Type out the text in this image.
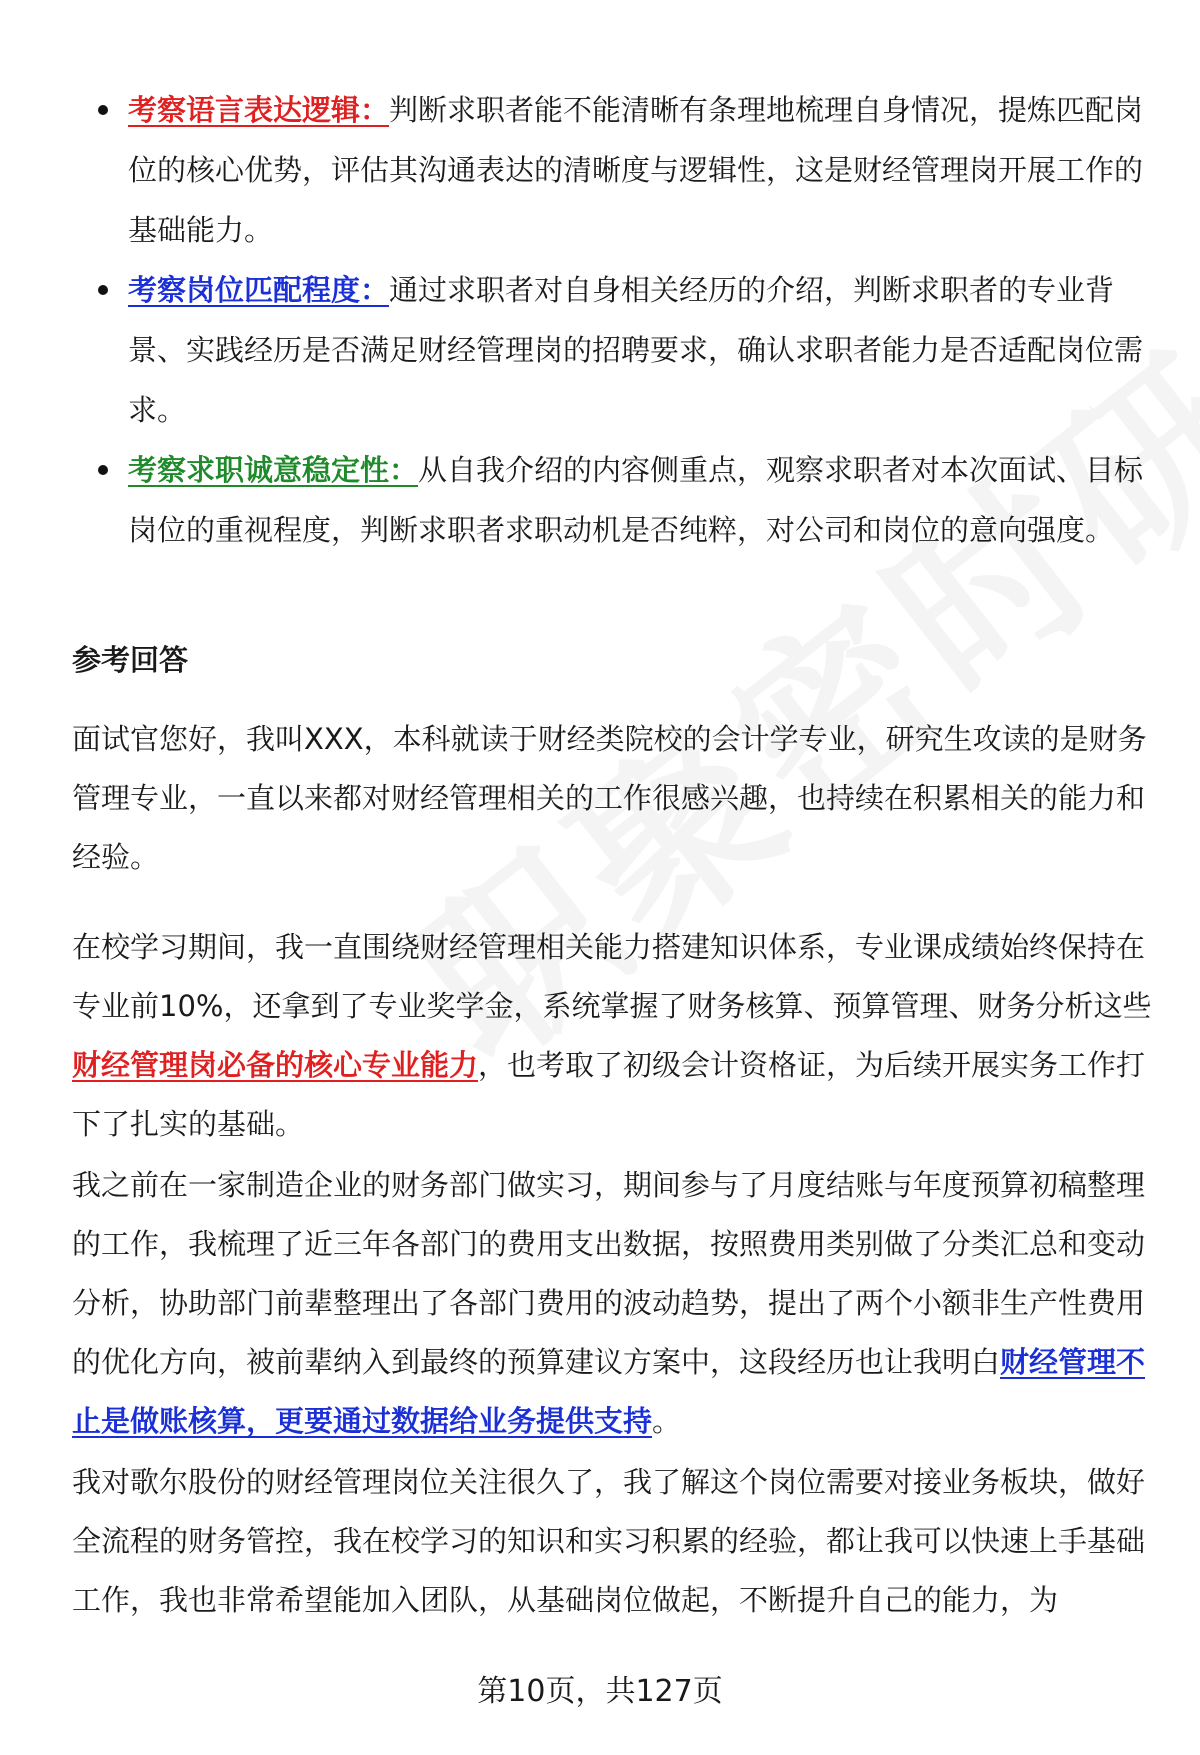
考察语言表达逻辑：判断求职者能不能清晰有条理地梳理自身情况，提炼匹配岗位的核心优势，评估其沟通表达的清晰度与逻辑性，这是财经管理岗开展工作的基础能力。
考察岗位匹配程度：通过求职者对自身相关经历的介绍，判断求职者的专业背景、实践经历是否满足财经管理岗的招聘要求，确认求职者能力是否适配岗位需求。
考察求职诚意稳定性：从自我介绍的内容侧重点，观察求职者对本次面试、目标岗位的重视程度，判断求职者求职动机是否纯粹，对公司和岗位的意向强度。
参考回答

面试官您好，我叫XXX，本科就读于财经类院校的会计学专业，研究生攻读的是财务管理专业，一直以来都对财经管理相关的工作很感兴趣，也持续在积累相关的能力和经验。

在校学习期间，我一直围绕财经管理相关能力搭建知识体系，专业课成绩始终保持在专业前10%，还拿到了专业奖学金，系统掌握了财务核算、预算管理、财务分析这些财经管理岗必备的核心专业能力，也考取了初级会计资格证，为后续开展实务工作打下了扎实的基础。

我之前在一家制造企业的财务部门做实习，期间参与了月度结账与年度预算初稿整理的工作，我梳理了近三年各部门的费用支出数据，按照费用类别做了分类汇总和变动分析，协助部门前辈整理出了各部门费用的波动趋势，提出了两个小额非生产性费用的优化方向，被前辈纳入到最终的预算建议方案中，这段经历也让我明白财经管理不止是做账核算，更要通过数据给业务提供支持。

我对歌尔股份的财经管理岗位关注很久了，我了解这个岗位需要对接业务板块，做好全流程的财务管控，我在校学习的知识和实习积累的经验，都让我可以快速上手基础工作，我也非常希望能加入团队，从基础岗位做起，不断提升自己的能力，为

第10页，共127页
